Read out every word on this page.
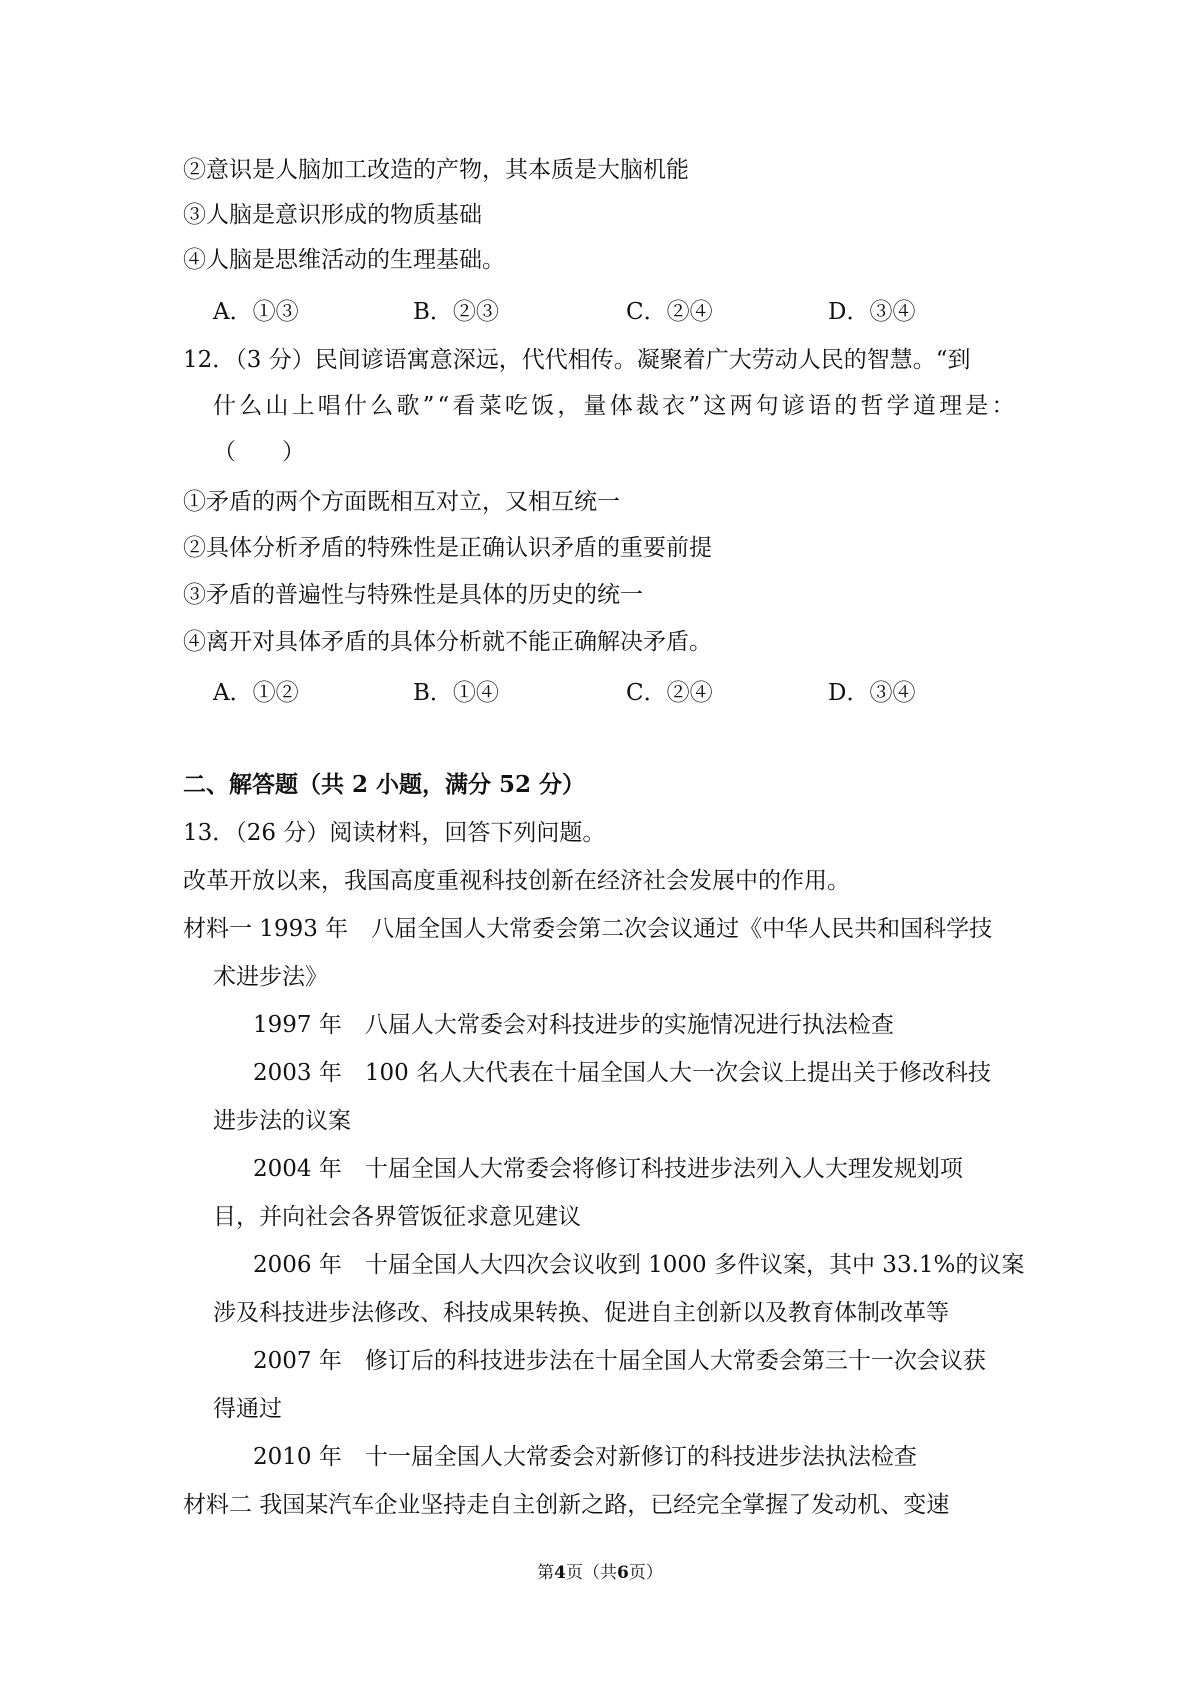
②意识是人脑加工改造的产物，其本质是大脑机能
③人脑是意识形成的物质基础
④人脑是思维活动的生理基础。
A．①③	B．②③	C．②④	D．③④
12．（3 分）民间谚语寓意深远，代代相传。凝聚着广大劳动人民的智慧。“到
什么山上唱什么歌”“看菜吃饭，量体裁衣”这两句谚语的哲学道理是：
（　　）
①矛盾的两个方面既相互对立，又相互统一
②具体分析矛盾的特殊性是正确认识矛盾的重要前提
③矛盾的普遍性与特殊性是具体的历史的统一
④离开对具体矛盾的具体分析就不能正确解决矛盾。
A．①②	B．①④	C．②④	D．③④
二、解答题（共 2 小题，满分 52 分）
13．（26 分）阅读材料，回答下列问题。
改革开放以来，我国高度重视科技创新在经济社会发展中的作用。
材料一 1993 年　八届全国人大常委会第二次会议通过《中华人民共和国科学技
术进步法》
1997 年　八届人大常委会对科技进步的实施情况进行执法检查
2003 年　100 名人大代表在十届全国人大一次会议上提出关于修改科技
进步法的议案
2004 年　十届全国人大常委会将修订科技进步法列入人大理发规划项
目，并向社会各界管饭征求意见建议
2006 年　十届全国人大四次会议收到 1000 多件议案，其中 33.1%的议案
涉及科技进步法修改、科技成果转换、促进自主创新以及教育体制改革等
2007 年　修订后的科技进步法在十届全国人大常委会第三十一次会议获
得通过
2010 年　十一届全国人大常委会对新修订的科技进步法执法检查
材料二 我国某汽车企业坚持走自主创新之路，已经完全掌握了发动机、变速
第4页（共6页）
